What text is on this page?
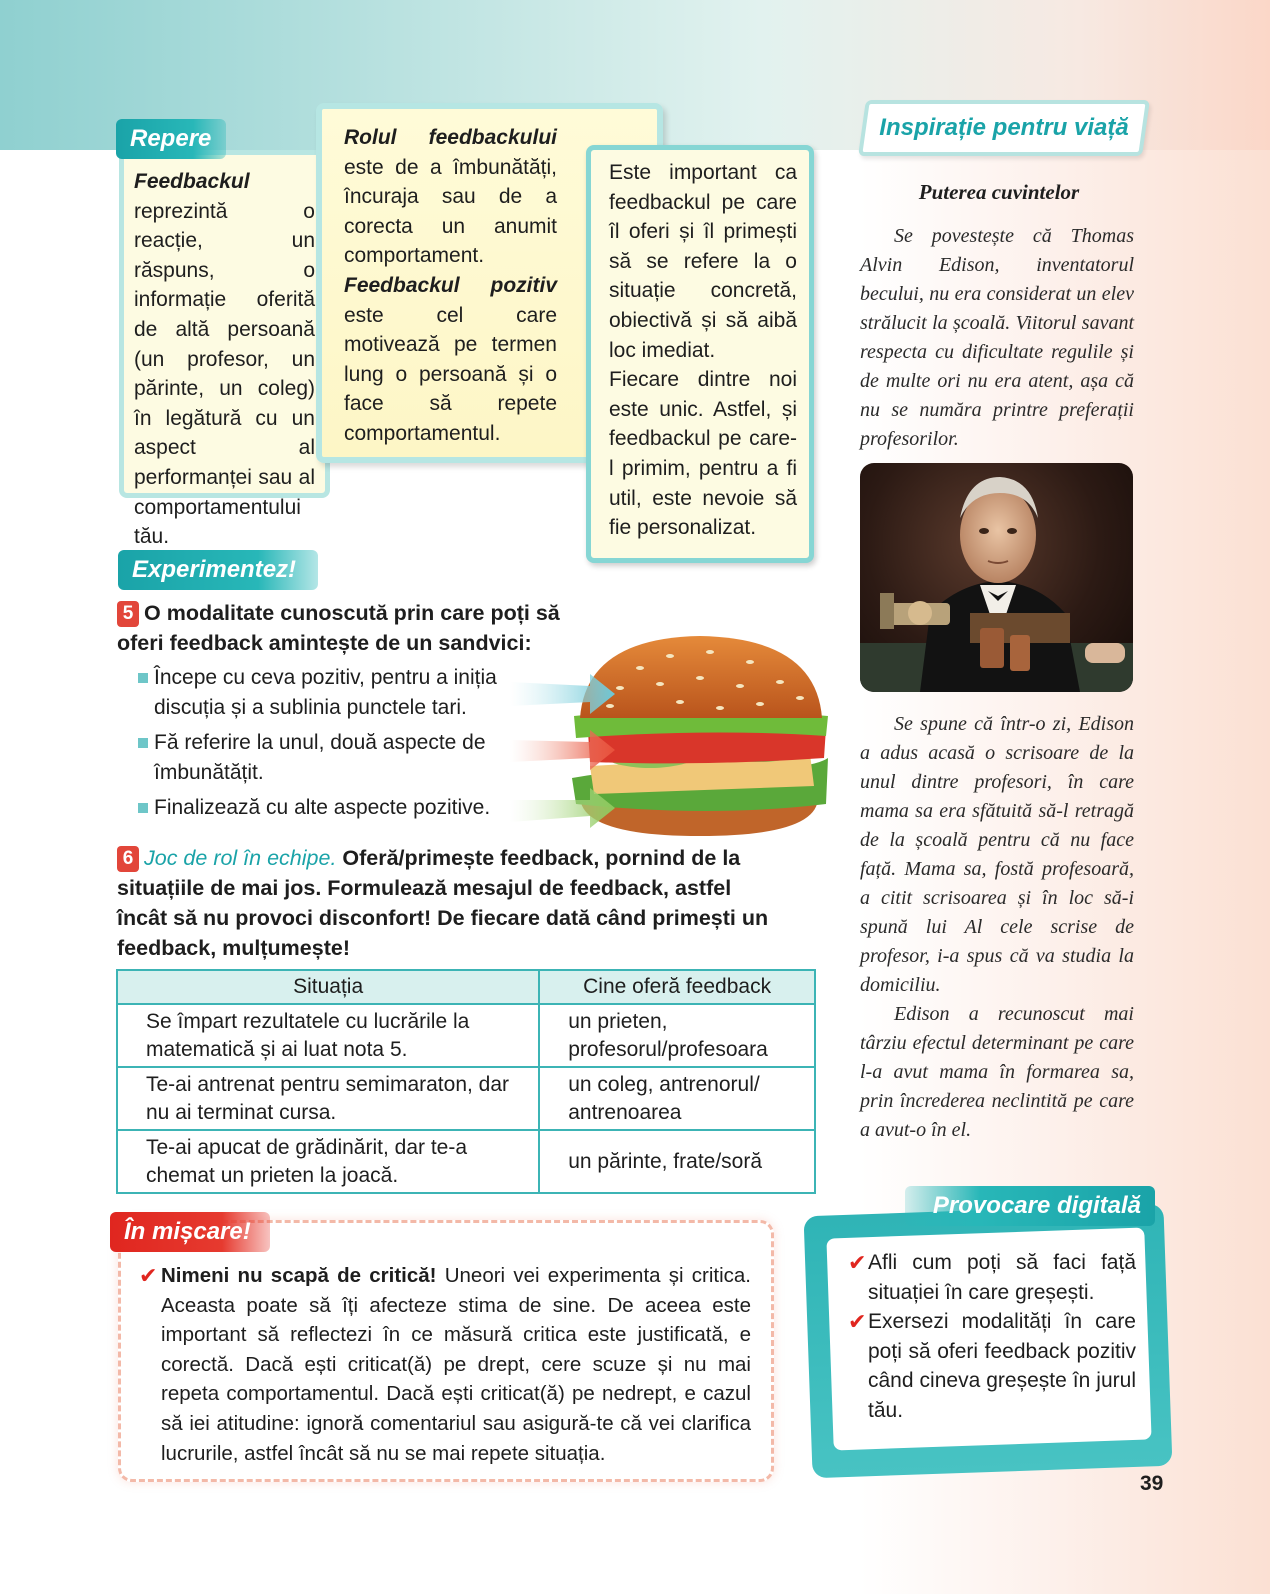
Feedbackul reprezintă o reacție, un răspuns, o informație oferită de altă persoană (un profesor, un părinte, un coleg) în legătură cu un aspect al performanței sau al comportamentului tău.

Repere	Rolul feedbackului este de a îmbunătăți, încuraja sau de a corecta un anumit comportament.

Feedbackul pozitiv este cel care motivează pe termen lung o persoană și o face să repete comportamentul.

Este important ca feedbackul pe care îl oferi și îl primești să se refere la o situație concretă, obiectivă și să aibă loc imediat.

Fiecare dintre noi este unic. Astfel, și feedbackul pe care-l primim, pentru a fi util, este nevoie să fie personalizat.

Inspirație pentru viață
Puterea cuvintelor

Se povestește că Thomas Alvin Edison, inventatorul becului, nu era considerat un elev strălucit la școală. Viitorul savant respecta cu dificultate regulile și de multe ori nu era atent, așa că nu se număra printre preferații profesorilor.

Se spune că într-o zi, Edison a adus acasă o scrisoare de la unul dintre profesori, în care mama sa era sfătuită să-l retragă de la școală pentru că nu face față. Mama sa, fostă profesoară, a citit scrisoarea și în loc să-i spună lui Al cele scrise de profesor, i-a spus că va studia la domiciliu.

Edison a recunoscut mai târziu efectul determinant pe care l-a avut mama în formarea sa, prin încrederea neclintită pe care a avut-o în el.

Experimentez!
5 O modalitate cunoscută prin care poți să oferi feedback amintește de un sandvici:
Începe cu ceva pozitiv, pentru a iniția discuția și a sublinia punctele tari.
Fă referire la unul, două aspecte de îmbunătățit.
Finalizează cu alte aspecte pozitive.
6 Joc de rol în echipe. Oferă/primește feedback, pornind de la situațiile de mai jos. Formulează mesajul de feedback, astfel încât să nu provoci disconfort! De fiecare dată când primești un feedback, mulțumește!
Situația	Cine oferă feedback
Se împart rezultatele cu lucrările la matematică și ai luat nota 5.	un prieten, profesorul/profesoara
Te-ai antrenat pentru semimaraton, dar nu ai terminat cursa.	un coleg, antrenorul/ antrenoarea
Te-ai apucat de grădinărit, dar te-a chemat un prieten la joacă.	un părinte, frate/soră
✔ Nimeni nu scapă de critică! Uneori vei experimenta și critica. Aceasta poate să îți afecteze stima de sine. De aceea este important să reflectezi în ce măsură critica este justificată, e corectă. Dacă ești criticat(ă) pe drept, cere scuze și nu mai repeta comportamentul. Dacă ești criticat(ă) pe nedrept, e cazul să iei atitudine: ignoră comentariul sau asigură-te că vei clarifica lucrurile, astfel încât să nu se mai repete situația.
În mișcare!
Provocare digitală
✔ Afli cum poți să faci față situației în care greșești.
✔ Exersezi modalități în care poți să oferi feedback pozitiv când cineva greșește în jurul tău.
39
